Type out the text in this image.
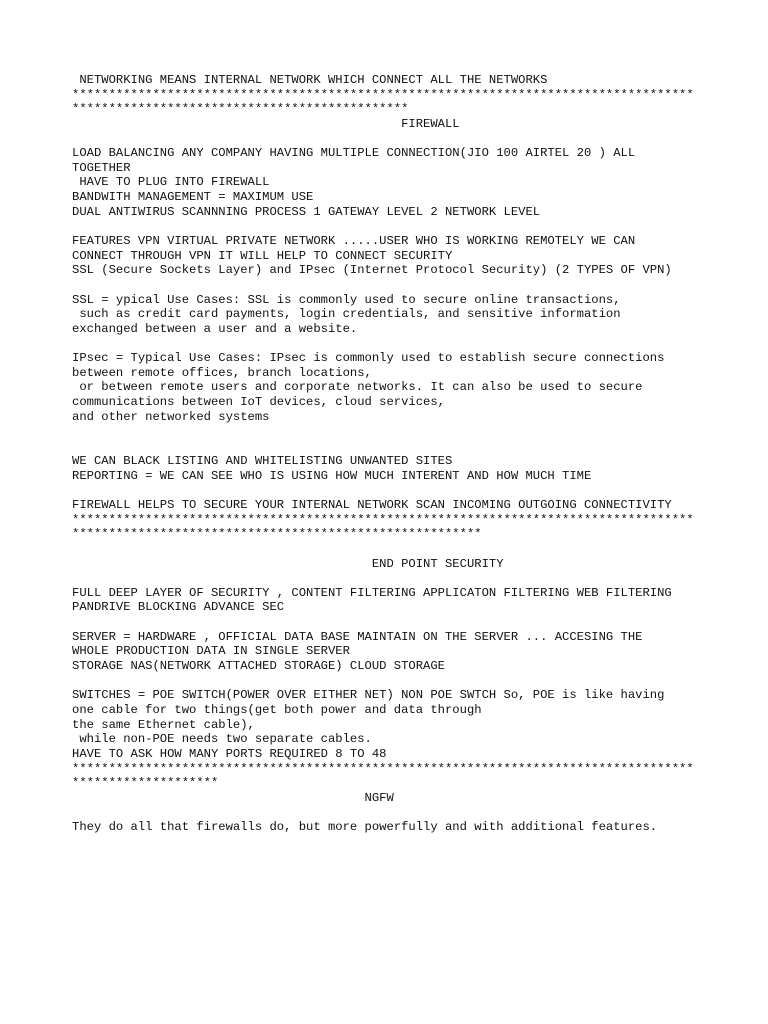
NETWORKING MEANS INTERNAL NETWORK WHICH CONNECT ALL THE NETWORKS
*************************************************************************************
**********************************************
FIREWALL
LOAD BALANCING ANY COMPANY HAVING MULTIPLE CONNECTION(JIO 100 AIRTEL 20 ) ALL
TOGETHER
HAVE TO PLUG INTO FIREWALL
BANDWITH MANAGEMENT = MAXIMUM USE
DUAL ANTIWIRUS SCANNNING PROCESS 1 GATEWAY LEVEL 2 NETWORK LEVEL
FEATURES VPN VIRTUAL PRIVATE NETWORK .....USER WHO IS WORKING REMOTELY WE CAN
CONNECT THROUGH VPN IT WILL HELP TO CONNECT SECURITY
SSL (Secure Sockets Layer) and IPsec (Internet Protocol Security) (2 TYPES OF VPN)
SSL = ypical Use Cases: SSL is commonly used to secure online transactions,
such as credit card payments, login credentials, and sensitive information
exchanged between a user and a website.
IPsec = Typical Use Cases: IPsec is commonly used to establish secure connections
between remote offices, branch locations,
or between remote users and corporate networks. It can also be used to secure
communications between IoT devices, cloud services,
and other networked systems
WE CAN BLACK LISTING AND WHITELISTING UNWANTED SITES
REPORTING = WE CAN SEE WHO IS USING HOW MUCH INTERENT AND HOW MUCH TIME
FIREWALL HELPS TO SECURE YOUR INTERNAL NETWORK SCAN INCOMING OUTGOING CONNECTIVITY
*************************************************************************************
********************************************************
END POINT SECURITY
FULL DEEP LAYER OF SECURITY , CONTENT FILTERING APPLICATON FILTERING WEB FILTERING
PANDRIVE BLOCKING ADVANCE SEC
SERVER = HARDWARE , OFFICIAL DATA BASE MAINTAIN ON THE SERVER ... ACCESING THE
WHOLE PRODUCTION DATA IN SINGLE SERVER
STORAGE NAS(NETWORK ATTACHED STORAGE) CLOUD STORAGE
SWITCHES = POE SWITCH(POWER OVER EITHER NET) NON POE SWTCH So, POE is like having
one cable for two things(get both power and data through
the same Ethernet cable),
while non-POE needs two separate cables.
HAVE TO ASK HOW MANY PORTS REQUIRED 8 TO 48
*************************************************************************************
********************
NGFW
They do all that firewalls do, but more powerfully and with additional features.
